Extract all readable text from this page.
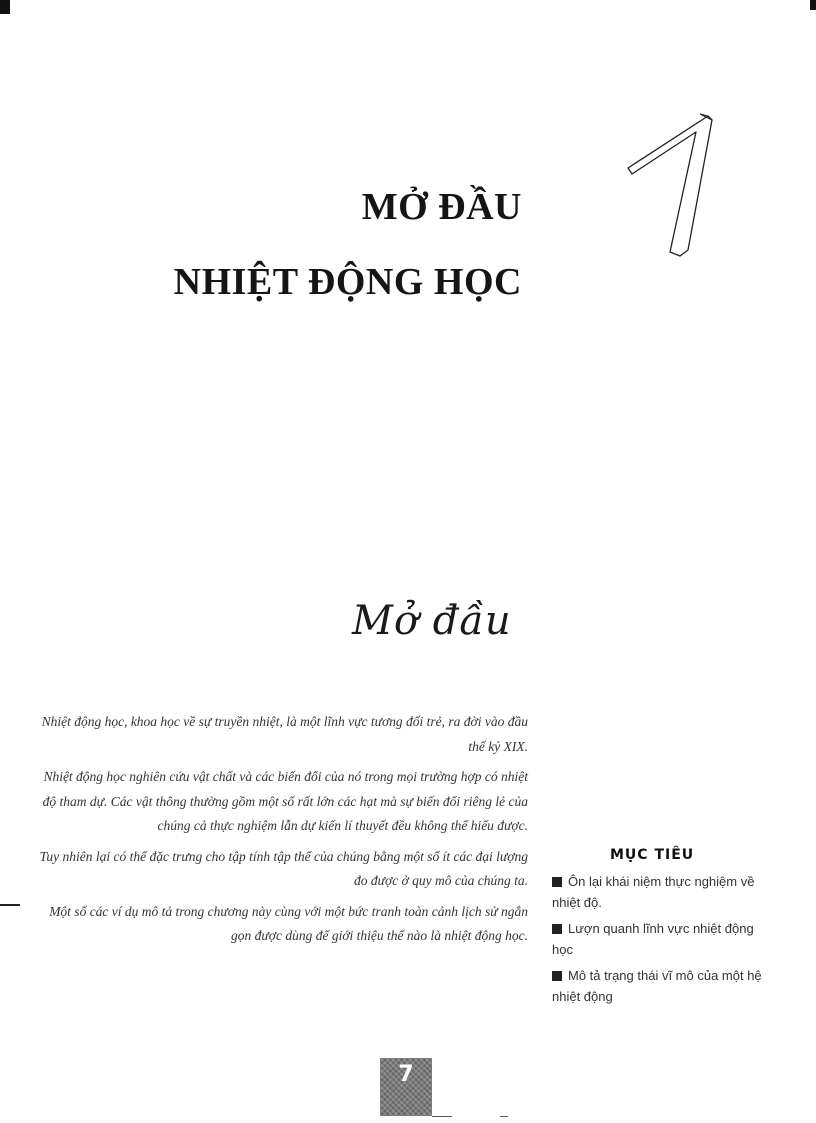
MỞ ĐẦU
NHIỆT ĐỘNG HỌC
Mở đầu

Nhiệt động học, khoa học về sự truyền nhiệt, là một lĩnh vực tương đối trẻ, ra đời vào đầu thế kỷ XIX.

Nhiệt động học nghiên cứu vật chất và các biến đổi của nó trong mọi trường hợp có nhiệt độ tham dự. Các vật thông thường gồm một số rất lớn các hạt mà sự biến đổi riêng lẻ của chúng cả thực nghiệm lẫn dự kiến lí thuyết đều không thể hiểu được.

Tuy nhiên lại có thể đặc trưng cho tập tính tập thể của chúng bằng một số ít các đại lượng đo được ở quy mô của chúng ta.

Một số các ví dụ mô tả trong chương này cùng với một bức tranh toàn cảnh lịch sử ngắn gọn được dùng để giới thiệu thế nào là nhiệt động học.

MỤC TIÊU
Ôn lại khái niệm thực nghiệm về nhiệt độ.
Lượn quanh lĩnh vực nhiệt động học
Mô tả trạng thái vĩ mô của một hệ nhiệt động
7
